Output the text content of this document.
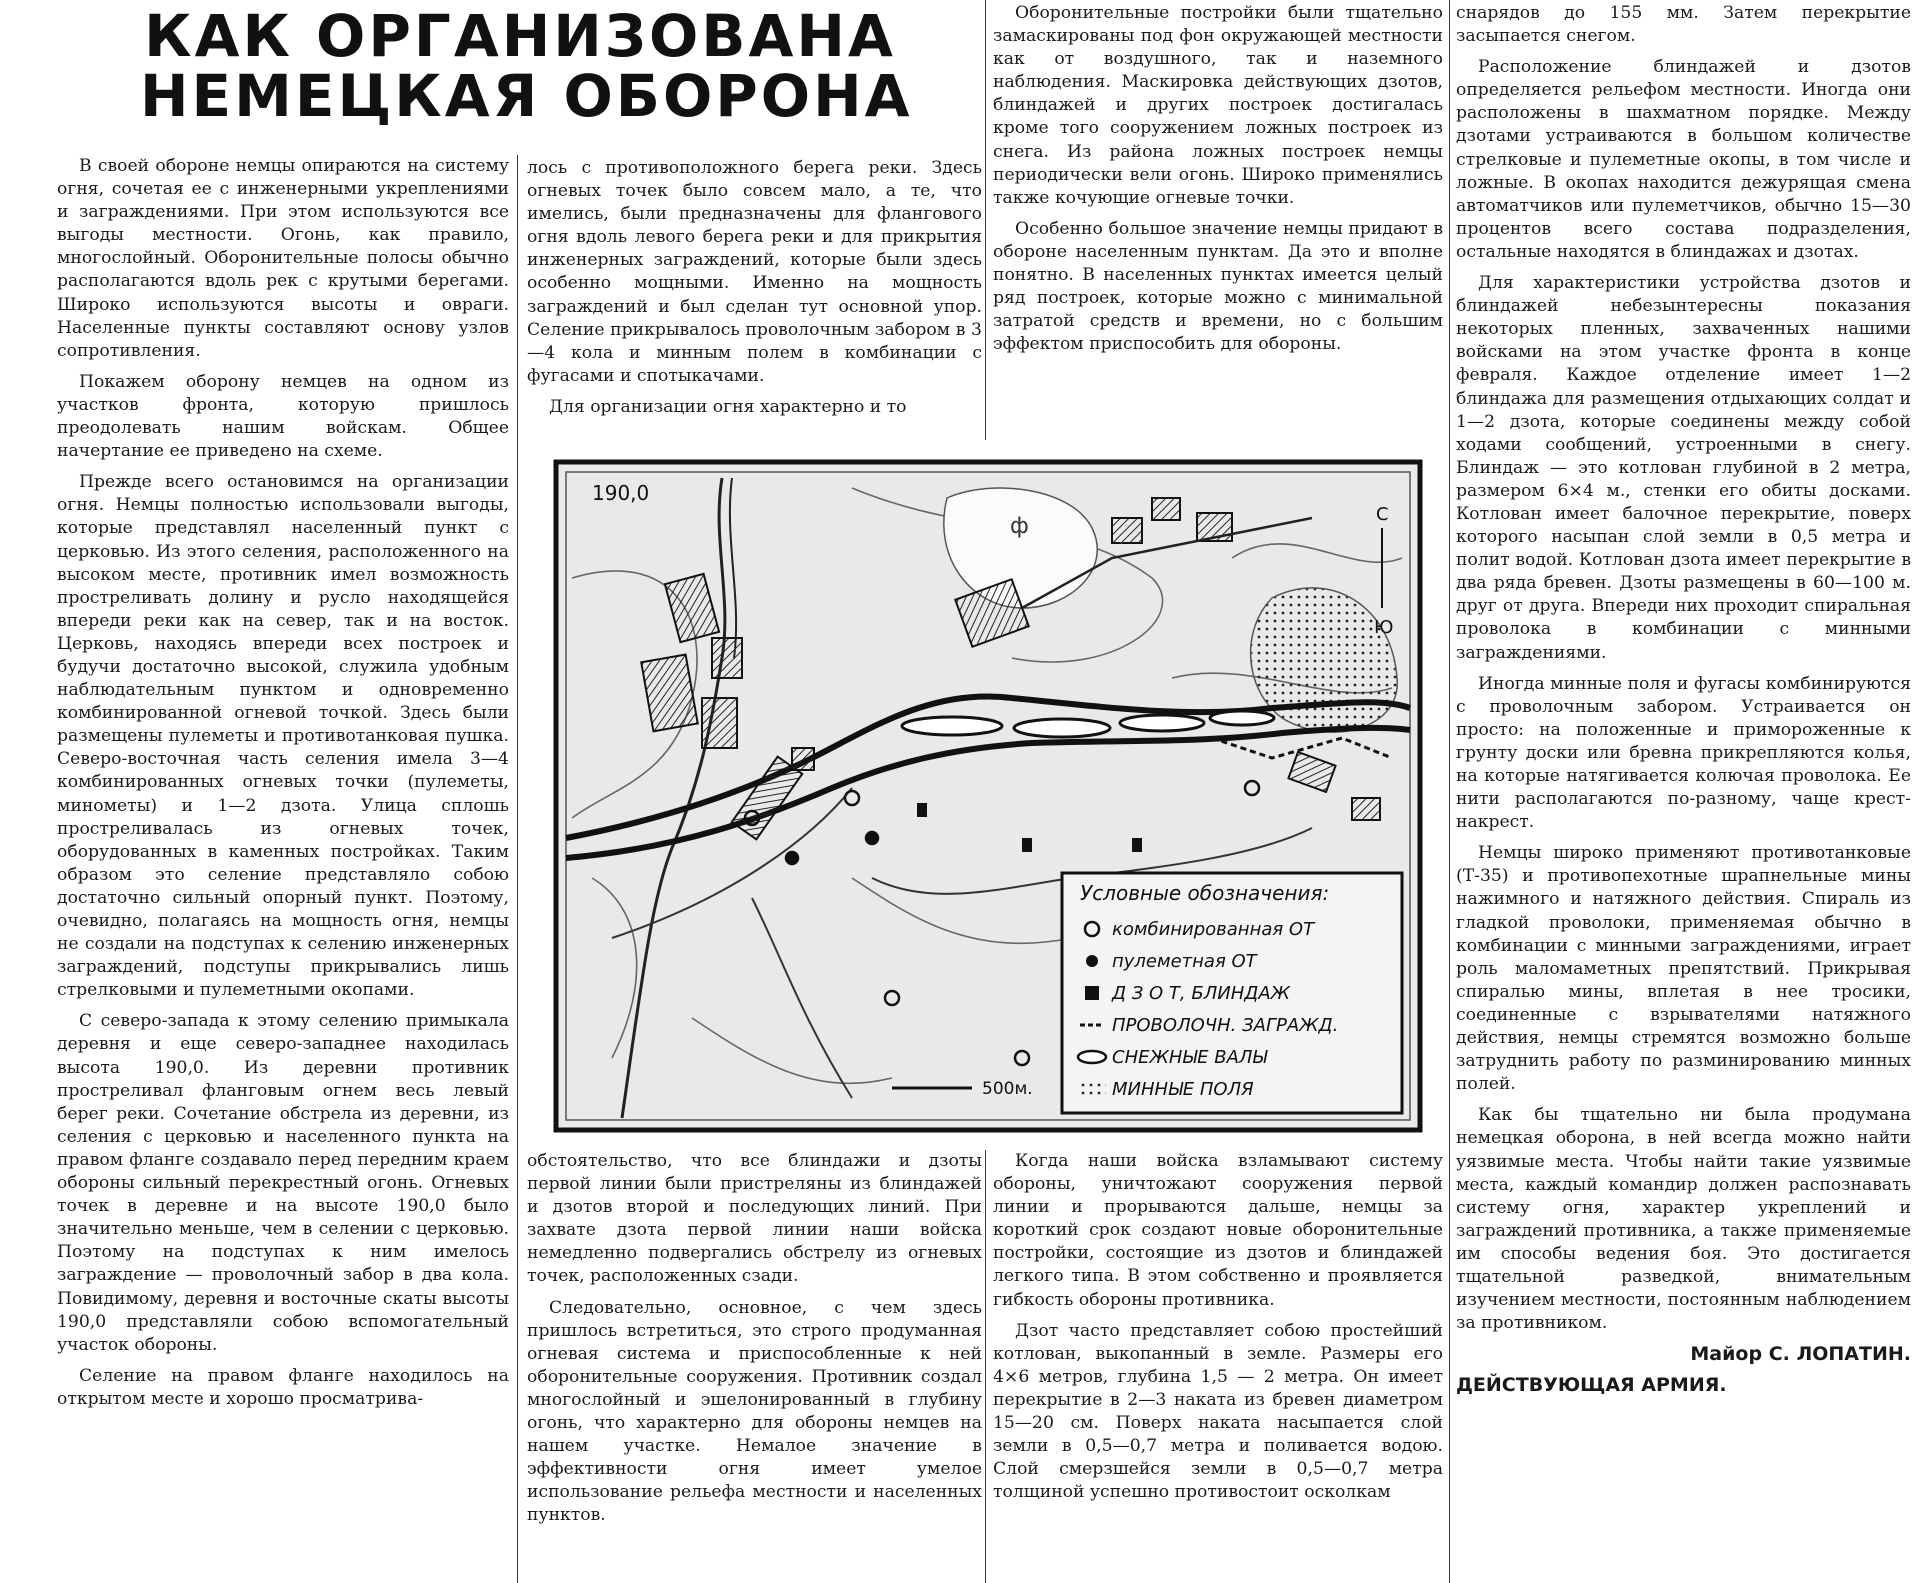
КАК ОРГАНИЗОВАНА
НЕМЕЦКАЯ ОБОРОНА

В своей обороне немцы опираются на систему огня, сочетая ее с инженерными укреплениями и заграждениями. При этом используются все выгоды местности. Огонь, как правило, многослойный. Оборонительные полосы обычно располагаются вдоль рек с крутыми берегами. Широко используются высоты и овраги. Населенные пункты составляют основу узлов сопротивления.

Покажем оборону немцев на одном из участков фронта, которую пришлось преодолевать нашим войскам. Общее начертание ее приведено на схеме.

Прежде всего остановимся на организации огня. Немцы полностью использовали выгоды, которые представлял населенный пункт с церковью. Из этого селения, расположенного на высоком месте, противник имел возможность простреливать долину и русло находящейся впереди реки как на север, так и на восток. Церковь, находясь впереди всех построек и будучи достаточно высокой, служила удобным наблюдательным пунктом и одновременно комбинированной огневой точкой. Здесь были размещены пулеметы и противотанковая пушка. Северо-восточная часть селения имела 3—4 комбинированных огневых точки (пулеметы, минометы) и 1—2 дзота. Улица сплошь простреливалась из огневых точек, оборудованных в каменных постройках. Таким образом это селение представляло собою достаточно сильный опорный пункт. Поэтому, очевидно, полагаясь на мощность огня, немцы не создали на подступах к селению инженерных заграждений, подступы прикрывались лишь стрелковыми и пулеметными окопами.

С северо-запада к этому селению примыкала деревня и еще северо-западнее находилась высота 190,0. Из деревни противник простреливал фланговым огнем весь левый берег реки. Сочетание обстрела из деревни, из селения с церковью и населенного пункта на правом фланге создавало перед передним краем обороны сильный перекрестный огонь. Огневых точек в деревне и на высоте 190,0 было значительно меньше, чем в селении с церковью. Поэтому на подступах к ним имелось заграждение — проволочный забор в два кола. Повидимому, деревня и восточные скаты высоты 190,0 представляли собою вспомогательный участок обороны.

Селение на правом фланге находилось на открытом месте и хорошо просматрива-

лось с противоположного берега реки. Здесь огневых точек было совсем мало, а те, что имелись, были предназначены для флангового огня вдоль левого берега реки и для прикрытия инженерных заграждений, которые были здесь особенно мощными. Именно на мощность заграждений и был сделан тут основной упор. Селение прикрывалось проволочным забором в 3—4 кола и минным полем в комбинации с фугасами и спотыкачами.

Для организации огня характерно и то

Оборонительные постройки были тщательно замаскированы под фон окружающей местности как от воздушного, так и наземного наблюдения. Маскировка действующих дзотов, блиндажей и других построек достигалась кроме того сооружением ложных построек из снега. Из района ложных построек немцы периодически вели огонь. Широко применялись также кочующие огневые точки.

Особенно большое значение немцы придают в обороне населенным пунктам. Да это и вполне понятно. В населенных пунктах имеется целый ряд построек, которые можно с минимальной затратой средств и времени, но с большим эффектом приспособить для обороны.

снарядов до 155 мм. Затем перекрытие засыпается снегом.

Расположение блиндажей и дзотов определяется рельефом местности. Иногда они расположены в шахматном порядке. Между дзотами устраиваются в большом количестве стрелковые и пулеметные окопы, в том числе и ложные. В окопах находится дежурящая смена автоматчиков или пулеметчиков, обычно 15—30 процентов всего состава подразделения, остальные находятся в блиндажах и дзотах.

Для характеристики устройства дзотов и блиндажей небезынтересны показания некоторых пленных, захваченных нашими войсками на этом участке фронта в конце февраля. Каждое отделение имеет 1—2 блиндажа для размещения отдыхающих солдат и 1—2 дзота, которые соединены между собой ходами сообщений, устроенными в снегу. Блиндаж — это котлован глубиной в 2 метра, размером 6×4 м., стенки его обиты досками. Котлован имеет балочное перекрытие, поверх которого насыпан слой земли в 0,5 метра и полит водой. Котлован дзота имеет перекрытие в два ряда бревен. Дзоты размещены в 60—100 м. друг от друга. Впереди них проходит спиральная проволока в комбинации с минными заграждениями.

Иногда минные поля и фугасы комбинируются с проволочным забором. Устраивается он просто: на положенные и примороженные к грунту доски или бревна прикрепляются колья, на которые натягивается колючая проволока. Ее нити располагаются по-разному, чаще крест-накрест.

Немцы широко применяют противотанковые (Т-35) и противопехотные шрапнельные мины нажимного и натяжного действия. Спираль из гладкой проволоки, применяемая обычно в комбинации с минными заграждениями, играет роль маломаметных препятствий. Прикрывая спиралью мины, вплетая в нее тросики, соединенные с взрывателями натяжного действия, немцы стремятся возможно больше затруднить работу по разминированию минных полей.

Как бы тщательно ни была продумана немецкая оборона, в ней всегда можно найти уязвимые места. Чтобы найти такие уязвимые места, каждый командир должен распознавать систему огня, характер укреплений и заграждений противника, а также применяемые им способы ведения боя. Это достигается тщательной разведкой, внимательным изучением местности, постоянным наблюдением за противником.

Майор С. ЛОПАТИН.

ДЕЙСТВУЮЩАЯ АРМИЯ.

обстоятельство, что все блиндажи и дзоты первой линии были пристреляны из блиндажей и дзотов второй и последующих линий. При захвате дзота первой линии наши войска немедленно подвергались обстрелу из огневых точек, расположенных сзади.

Следовательно, основное, с чем здесь пришлось встретиться, это строго продуманная огневая система и приспособленные к ней оборонительные сооружения. Противник создал многослойный и эшелонированный в глубину огонь, что характерно для обороны немцев на нашем участке. Немалое значение в эффективности огня имеет умелое использование рельефа местности и населенных пунктов.

Когда наши войска взламывают систему обороны, уничтожают сооружения первой линии и прорываются дальше, немцы за короткий срок создают новые оборонительные постройки, состоящие из дзотов и блиндажей легкого типа. В этом собственно и проявляется гибкость обороны противника.

Дзот часто представляет собою простейший котлован, выкопанный в земле. Размеры его 4×6 метров, глубина 1,5 — 2 метра. Он имеет перекрытие в 2—3 наката из бревен диаметром 15—20 см. Поверх наката насыпается слой земли в 0,5—0,7 метра и поливается водою. Слой смерзшейся земли в 0,5—0,7 метра толщиной успешно противостоит осколкам

ф
190,0
С
Ю
500м.
Условные обозначения:
комбинированная ОТ
пулеметная ОТ
Д З О Т, БЛИНДАЖ
ПРОВОЛОЧН. ЗАГРАЖД.
СНЕЖНЫЕ ВАЛЫ
МИННЫЕ ПОЛЯ
